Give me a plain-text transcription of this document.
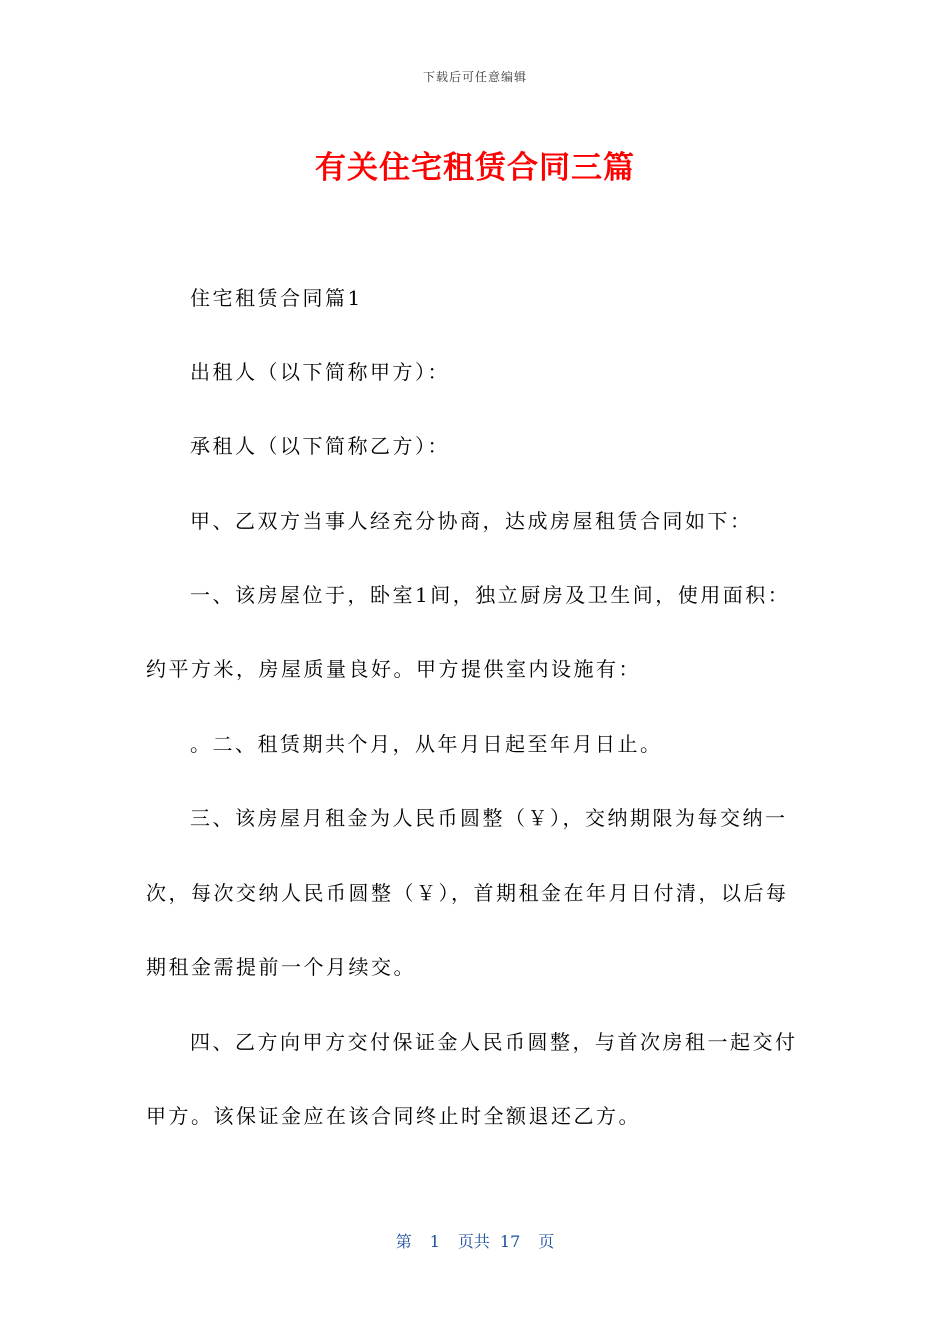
下载后可任意编辑
有关住宅租赁合同三篇
住宅租赁合同篇1
出租人（以下简称甲方）：
承租人（以下简称乙方）：
甲、乙双方当事人经充分协商，达成房屋租赁合同如下：
一、该房屋位于，卧室1间，独立厨房及卫生间，使用面积：
约平方米，房屋质量良好。甲方提供室内设施有：
。二、租赁期共个月，从年月日起至年月日止。
三、该房屋月租金为人民币圆整（￥），交纳期限为每交纳一
次，每次交纳人民币圆整（￥），首期租金在年月日付清，以后每
期租金需提前一个月续交。
四、乙方向甲方交付保证金人民币圆整，与首次房租一起交付
甲方。该保证金应在该合同终止时全额退还乙方。
第 1 页共 17 页
